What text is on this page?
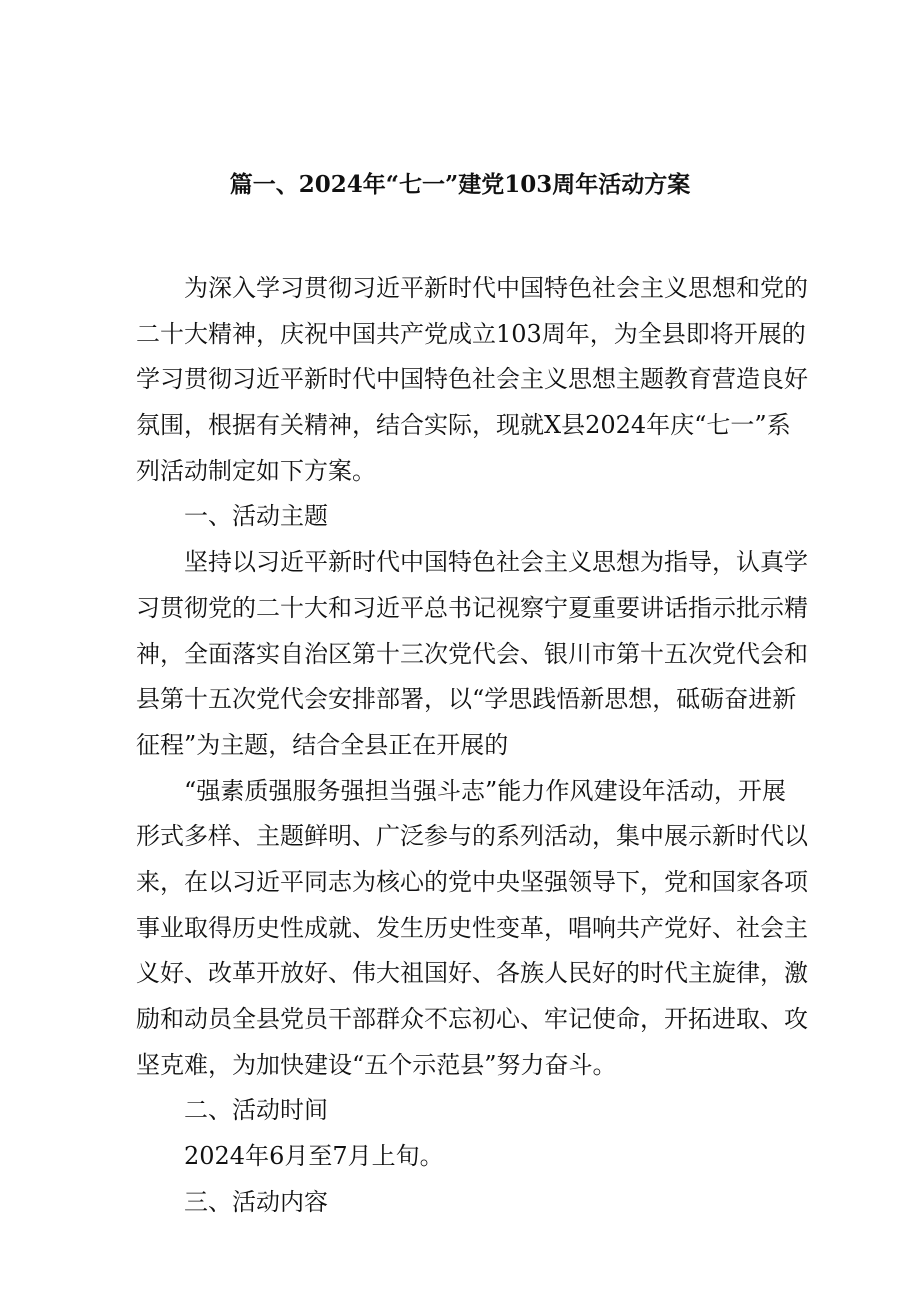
篇一、2024年“七一”建党103周年活动方案
为深入学习贯彻习近平新时代中国特色社会主义思想和党的
二十大精神，庆祝中国共产党成立103周年，为全县即将开展的
学习贯彻习近平新时代中国特色社会主义思想主题教育营造良好
氛围，根据有关精神，结合实际，现就X县2024年庆“七一”系
列活动制定如下方案。
一、活动主题
坚持以习近平新时代中国特色社会主义思想为指导，认真学
习贯彻党的二十大和习近平总书记视察宁夏重要讲话指示批示精
神，全面落实自治区第十三次党代会、银川市第十五次党代会和
县第十五次党代会安排部署，以“学思践悟新思想，砥砺奋进新
征程”为主题，结合全县正在开展的
“强素质强服务强担当强斗志”能力作风建设年活动，开展
形式多样、主题鲜明、广泛参与的系列活动，集中展示新时代以
来，在以习近平同志为核心的党中央坚强领导下，党和国家各项
事业取得历史性成就、发生历史性变革，唱响共产党好、社会主
义好、改革开放好、伟大祖国好、各族人民好的时代主旋律，激
励和动员全县党员干部群众不忘初心、牢记使命，开拓进取、攻
坚克难，为加快建设“五个示范县”努力奋斗。
二、活动时间
2024年6月至7月上旬。
三、活动内容
